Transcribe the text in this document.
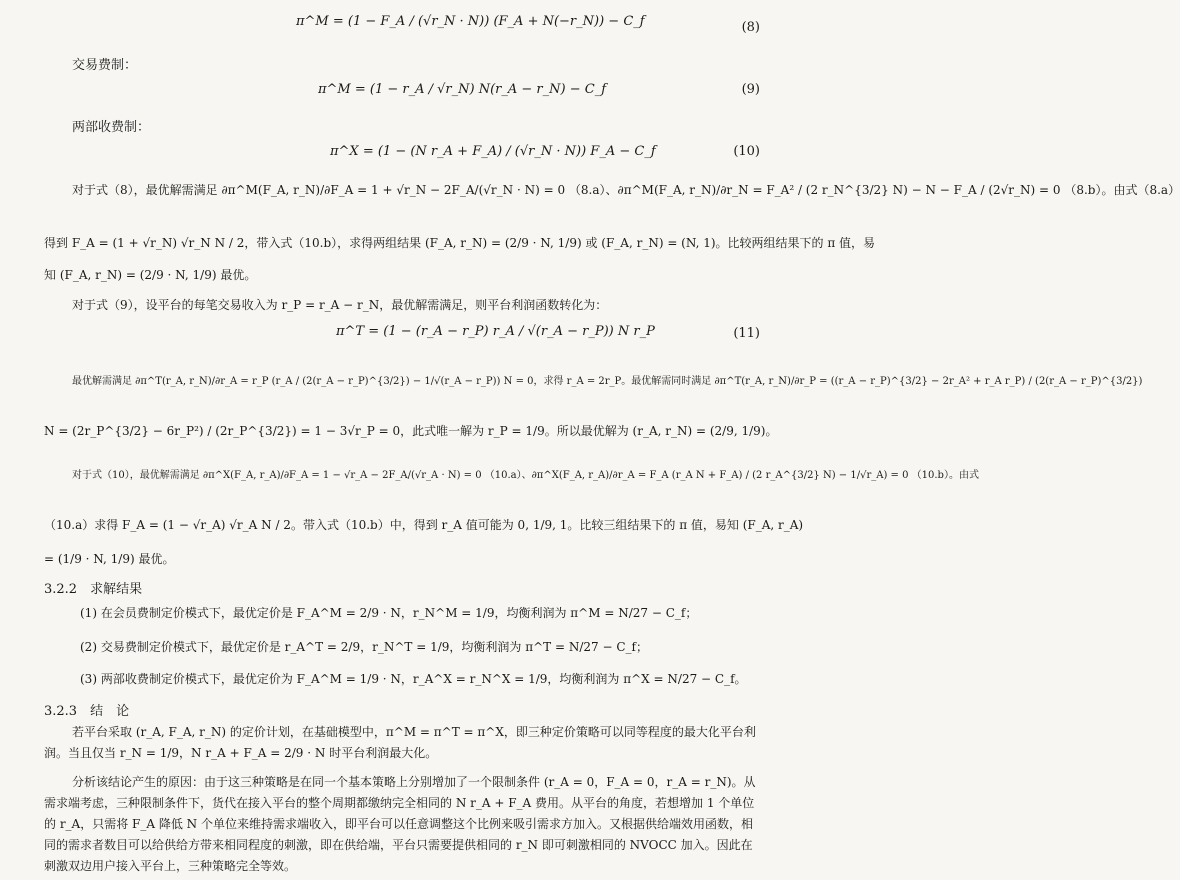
π^M = (1 − F_A / (√r_N · N)) (F_A + N(−r_N)) − C_f	(8)
交易费制：
π^M = (1 − r_A / √r_N) N(r_A − r_N) − C_f	(9)
两部收费制：
π^X = (1 − (N r_A + F_A) / (√r_N · N)) F_A − C_f	(10)
对于式（8），最优解需满足 ∂π^M(F_A, r_N)/∂F_A = 1 + √r_N − 2F_A/(√r_N · N) = 0 （8.a）、∂π^M(F_A, r_N)/∂r_N = F_A² / (2 r_N^{3/2} N) − N − F_A / (2√r_N) = 0 （8.b）。由式（8.a）
得到 F_A = (1 + √r_N) √r_N N / 2，带入式（10.b），求得两组结果 (F_A, r_N) = (2/9 · N, 1/9) 或 (F_A, r_N) = (N, 1)。比较两组结果下的 π 值，易
知 (F_A, r_N) = (2/9 · N, 1/9) 最优。
对于式（9），设平台的每笔交易收入为 r_P = r_A − r_N，最优解需满足，则平台利润函数转化为：
π^T = (1 − (r_A − r_P) r_A / √(r_A − r_P)) N r_P	(11)
最优解需满足 ∂π^T(r_A, r_N)/∂r_A = r_P (r_A / (2(r_A − r_P)^{3/2}) − 1/√(r_A − r_P)) N = 0，求得 r_A = 2r_P。最优解需同时满足 ∂π^T(r_A, r_N)/∂r_P = ((r_A − r_P)^{3/2} − 2r_A² + r_A r_P) / (2(r_A − r_P)^{3/2})
N = (2r_P^{3/2} − 6r_P²) / (2r_P^{3/2}) = 1 − 3√r_P = 0，此式唯一解为 r_P = 1/9。所以最优解为 (r_A, r_N) = (2/9, 1/9)。
对于式（10），最优解需满足 ∂π^X(F_A, r_A)/∂F_A = 1 − √r_A − 2F_A/(√r_A · N) = 0 （10.a）、∂π^X(F_A, r_A)/∂r_A = F_A (r_A N + F_A) / (2 r_A^{3/2} N) − 1/√r_A) = 0 （10.b）。由式
（10.a）求得 F_A = (1 − √r_A) √r_A N / 2。带入式（10.b）中，得到 r_A 值可能为 0, 1/9, 1。比较三组结果下的 π 值，易知 (F_A, r_A)
= (1/9 · N, 1/9) 最优。
3.2.2　求解结果
(1) 在会员费制定价模式下，最优定价是 F_A^M = 2/9 · N，r_N^M = 1/9，均衡利润为 π^M = N/27 − C_f；
(2) 交易费制定价模式下，最优定价是 r_A^T = 2/9，r_N^T = 1/9，均衡利润为 π^T = N/27 − C_f；
(3) 两部收费制定价模式下，最优定价为 F_A^M = 1/9 · N，r_A^X = r_N^X = 1/9，均衡利润为 π^X = N/27 − C_f。
3.2.3　结　论
若平台采取 (r_A, F_A, r_N) 的定价计划，在基础模型中，π^M = π^T = π^X，即三种定价策略可以同等程度的最大化平台利润。当且仅当 r_N = 1/9，N r_A + F_A = 2/9 · N 时平台利润最大化。
分析该结论产生的原因：由于这三种策略是在同一个基本策略上分别增加了一个限制条件 (r_A = 0，F_A = 0，r_A = r_N)。从需求端考虑，三种限制条件下，货代在接入平台的整个周期都缴纳完全相同的 N r_A + F_A 费用。从平台的角度，若想增加 1 个单位的 r_A，只需将 F_A 降低 N 个单位来维持需求端收入，即平台可以任意调整这个比例来吸引需求方加入。又根据供给端效用函数，相同的需求者数目可以给供给方带来相同程度的刺激，即在供给端，平台只需要提供相同的 r_N 即可刺激相同的 NVOCC 加入。因此在刺激双边用户接入平台上，三种策略完全等效。
